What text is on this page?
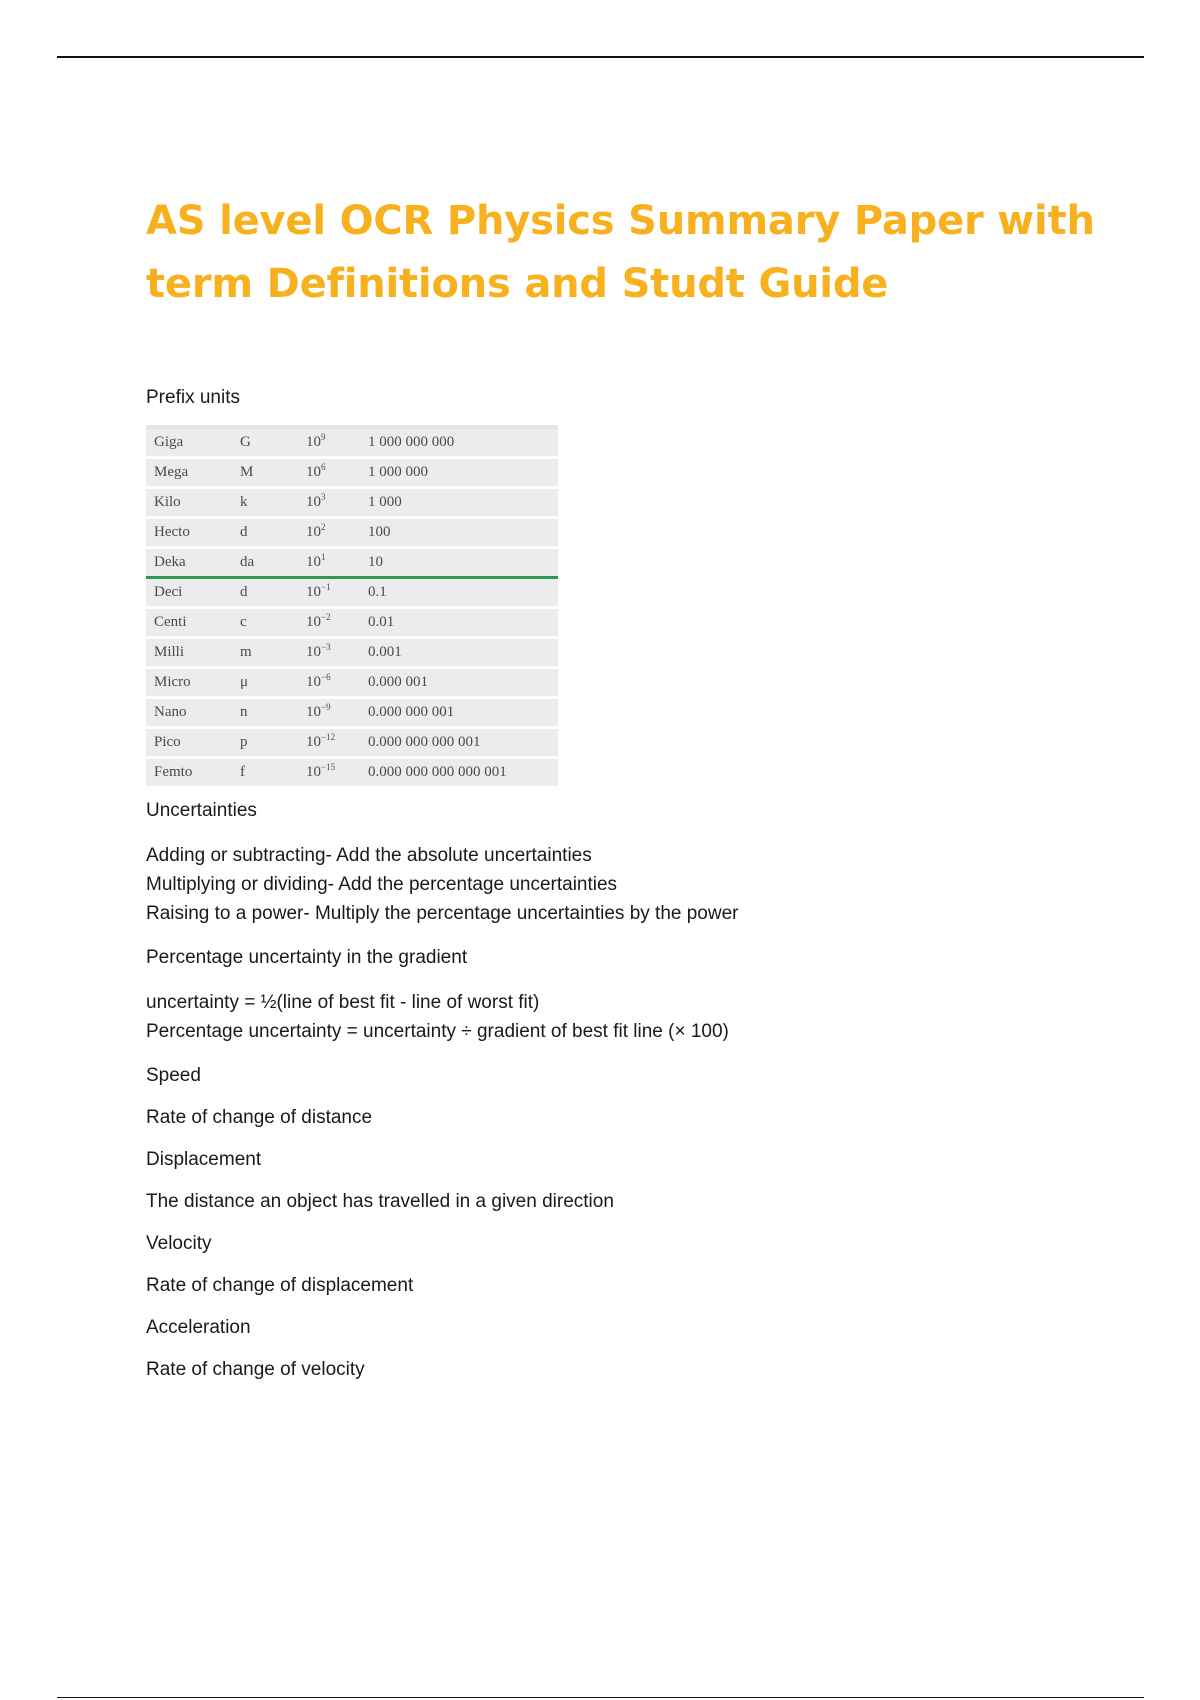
AS level OCR Physics Summary Paper with term Definitions and Studt Guide

Prefix units

Giga	G	$10^9$	1 000 000 000
Mega	M	$10^6$	1 000 000
Kilo	k	$10^3$	1 000
Hecto	d	$10^2$	100
Deka	da	$10^1$	10
Deci	d	$10^{-1}$	0.1
Centi	c	$10^{-2}$	0.01
Milli	m	$10^{-3}$	0.001
Micro	μ	$10^{-6}$	0.000 001
Nano	n	$10^{-9}$	0.000 000 001
Pico	p	$10^{-12}$	0.000 000 000 001
Femto	f	$10^{-15}$	0.000 000 000 000 001

Uncertainties

Adding or subtracting- Add the absolute uncertainties

Multiplying or dividing- Add the percentage uncertainties

Raising to a power- Multiply the percentage uncertainties by the power

Percentage uncertainty in the gradient

uncertainty = ½(line of best fit - line of worst fit)

Percentage uncertainty = uncertainty ÷ gradient of best fit line (× 100)

Speed

Rate of change of distance

Displacement

The distance an object has travelled in a given direction

Velocity

Rate of change of displacement

Acceleration

Rate of change of velocity
